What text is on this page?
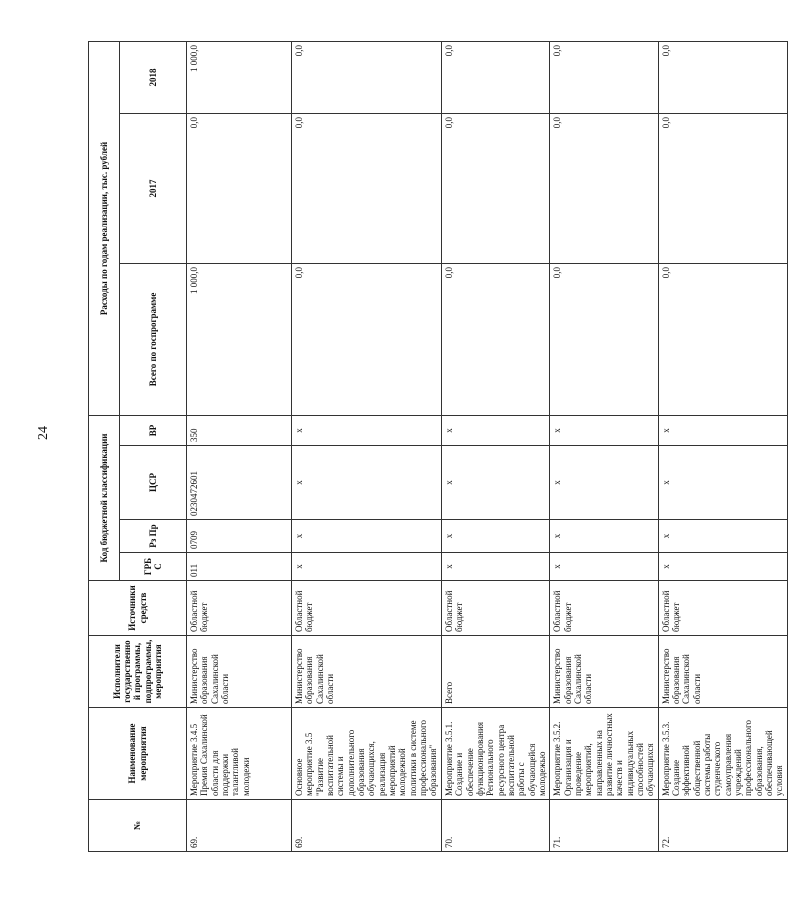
24
№	Наименование мероприятия	Исполнители государственной программы, подпрограммы, мероприятия	Источники средств	Код бюджетной классификации				Расходы по годам реализации, тыс. рублей		
				ГРБС	Рз Пр	ЦСР	ВР	Всего по госпрограмме	2017	2018
69.	Мероприятие 3.4.5 Премия Сахалинской области для поддержки талантливой молодежи	Министерство образования Сахалинской области	Областной бюджет	011	0709	0230472601	350	1 000,0	0,0	1 000,0
69.	Основное мероприятие 3.5 "Развитие воспитательной системы и дополнительного образования обучающихся, реализация мероприятий молодежной политики в системе профессионального образования"	Министерство образования Сахалинской области	Областной бюджет	x	x	x	x	0,0	0,0	0,0
70.	Мероприятие 3.5.1. Создание и обеспечение функционирования Регионального ресурсного центра воспитательной работы с обучающейся молодежью	Всего	Областной бюджет	x	x	x	x	0,0	0,0	0,0
71.	Мероприятие 3.5.2. Организация и проведение мероприятий, направленных на развитие личностных качеств и индивидуальных способностей обучающихся	Министерство образования Сахалинской области	Областной бюджет	x	x	x	x	0,0	0,0	0,0
72.	Мероприятие 3.5.3. Создание эффективной общественной системы работы студенческого самоуправления учреждений профессионального образования, обеспечивающей условия	Министерство образования Сахалинской области	Областной бюджет	x	x	x	x	0,0	0,0	0,0
